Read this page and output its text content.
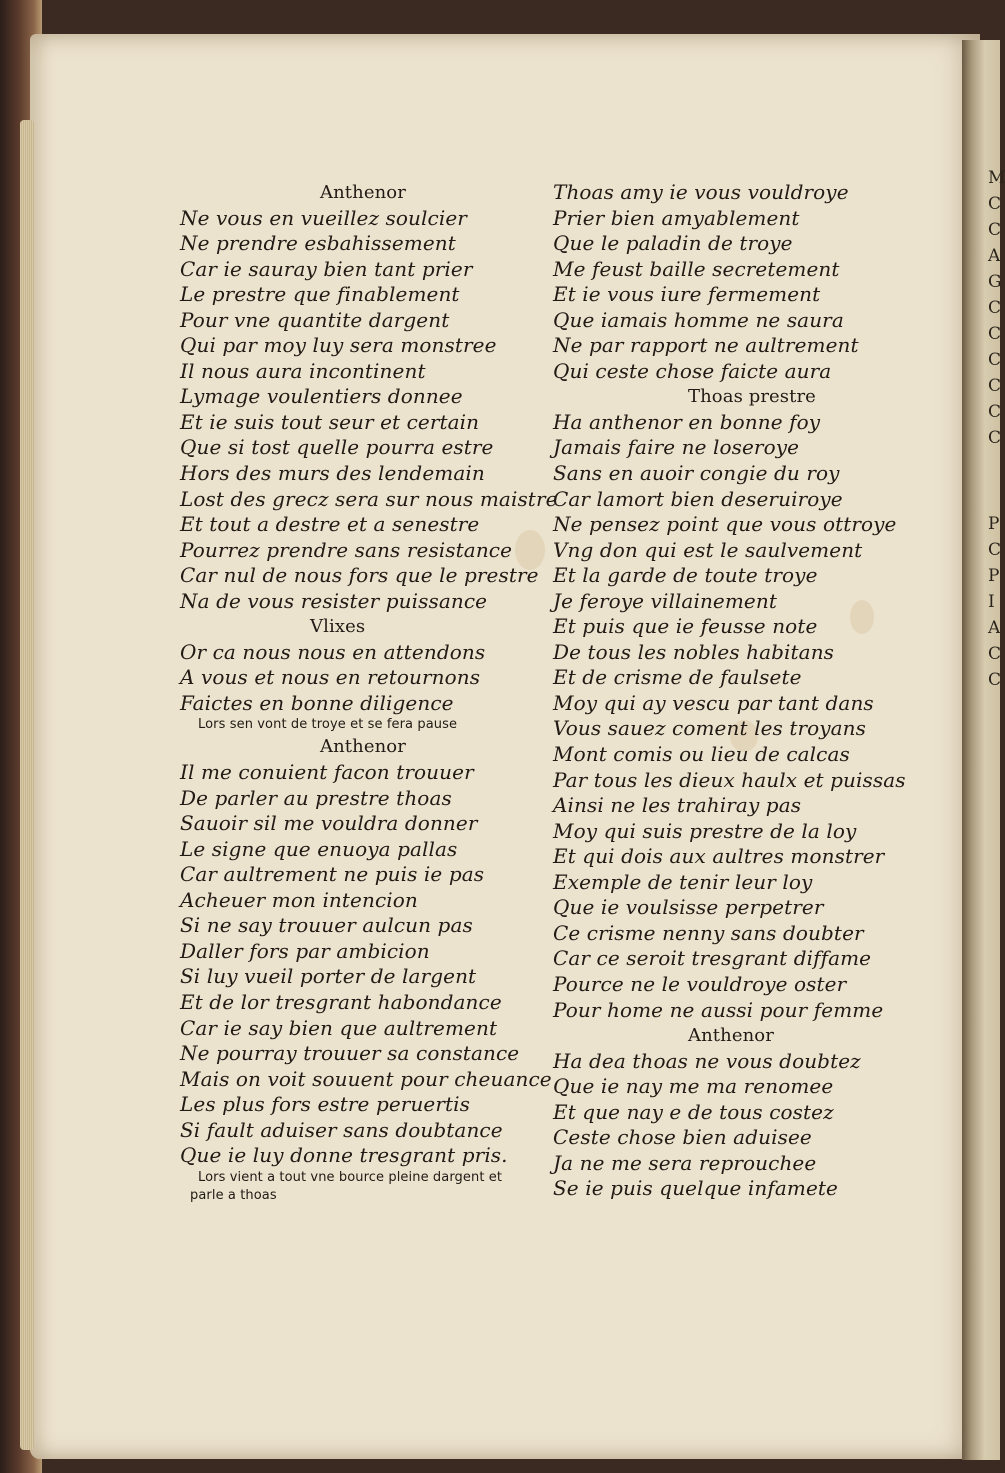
M
C
C
A
G
C
C
C
C
C
C
P
C
P
I
A
C
C
Anthenor
Ne vous en vueillez soulcier
Ne prendre esbahissement
Car ie sauray bien tant prier
Le prestre que finablement
Pour vne quantite dargent
Qui par moy luy sera monstree
Il nous aura incontinent
Lymage voulentiers donnee
Et ie suis tout seur et certain
Que si tost quelle pourra estre
Hors des murs des lendemain
Lost des grecz sera sur nous maistre
Et tout a destre et a senestre
Pourrez prendre sans resistance
Car nul de nous fors que le prestre
Na de vous resister puissance
Vlixes
Or ca nous nous en attendons
A vous et nous en retournons
Faictes en bonne diligence
Lors sen vont de troye et se fera pause
Anthenor
Il me conuient facon trouuer
De parler au prestre thoas
Sauoir sil me vouldra donner
Le signe que enuoya pallas
Car aultrement ne puis ie pas
Acheuer mon intencion
Si ne say trouuer aulcun pas
Daller fors par ambicion
Si luy vueil porter de largent
Et de lor tresgrant habondance
Car ie say bien que aultrement
Ne pourray trouuer sa constance
Mais on voit souuent pour cheuance
Les plus fors estre peruertis
Si fault aduiser sans doubtance
Que ie luy donne tresgrant pris.
Lors vient a tout vne bource pleine dargent et
parle a thoas
Thoas amy ie vous vouldroye
Prier bien amyablement
Que le paladin de troye
Me feust baille secretement
Et ie vous iure fermement
Que iamais homme ne saura
Ne par rapport ne aultrement
Qui ceste chose faicte aura
Thoas prestre
Ha anthenor en bonne foy
Jamais faire ne loseroye
Sans en auoir congie du roy
Car lamort bien deseruiroye
Ne pensez point que vous ottroye
Vng don qui est le saulvement
Et la garde de toute troye
Je feroye villainement
Et puis que ie feusse note
De tous les nobles habitans
Et de crisme de faulsete
Moy qui ay vescu par tant dans
Vous sauez coment les troyans
Mont comis ou lieu de calcas
Par tous les dieux haulx et puissas
Ainsi ne les trahiray pas
Moy qui suis prestre de la loy
Et qui dois aux aultres monstrer
Exemple de tenir leur loy
Que ie voulsisse perpetrer
Ce crisme nenny sans doubter
Car ce seroit tresgrant diffame
Pource ne le vouldroye oster
Pour home ne aussi pour femme
Anthenor
Ha dea thoas ne vous doubtez
Que ie nay me ma renomee
Et que nay e de tous costez
Ceste chose bien aduisee
Ja ne me sera reprouchee
Se ie puis quelque infamete
